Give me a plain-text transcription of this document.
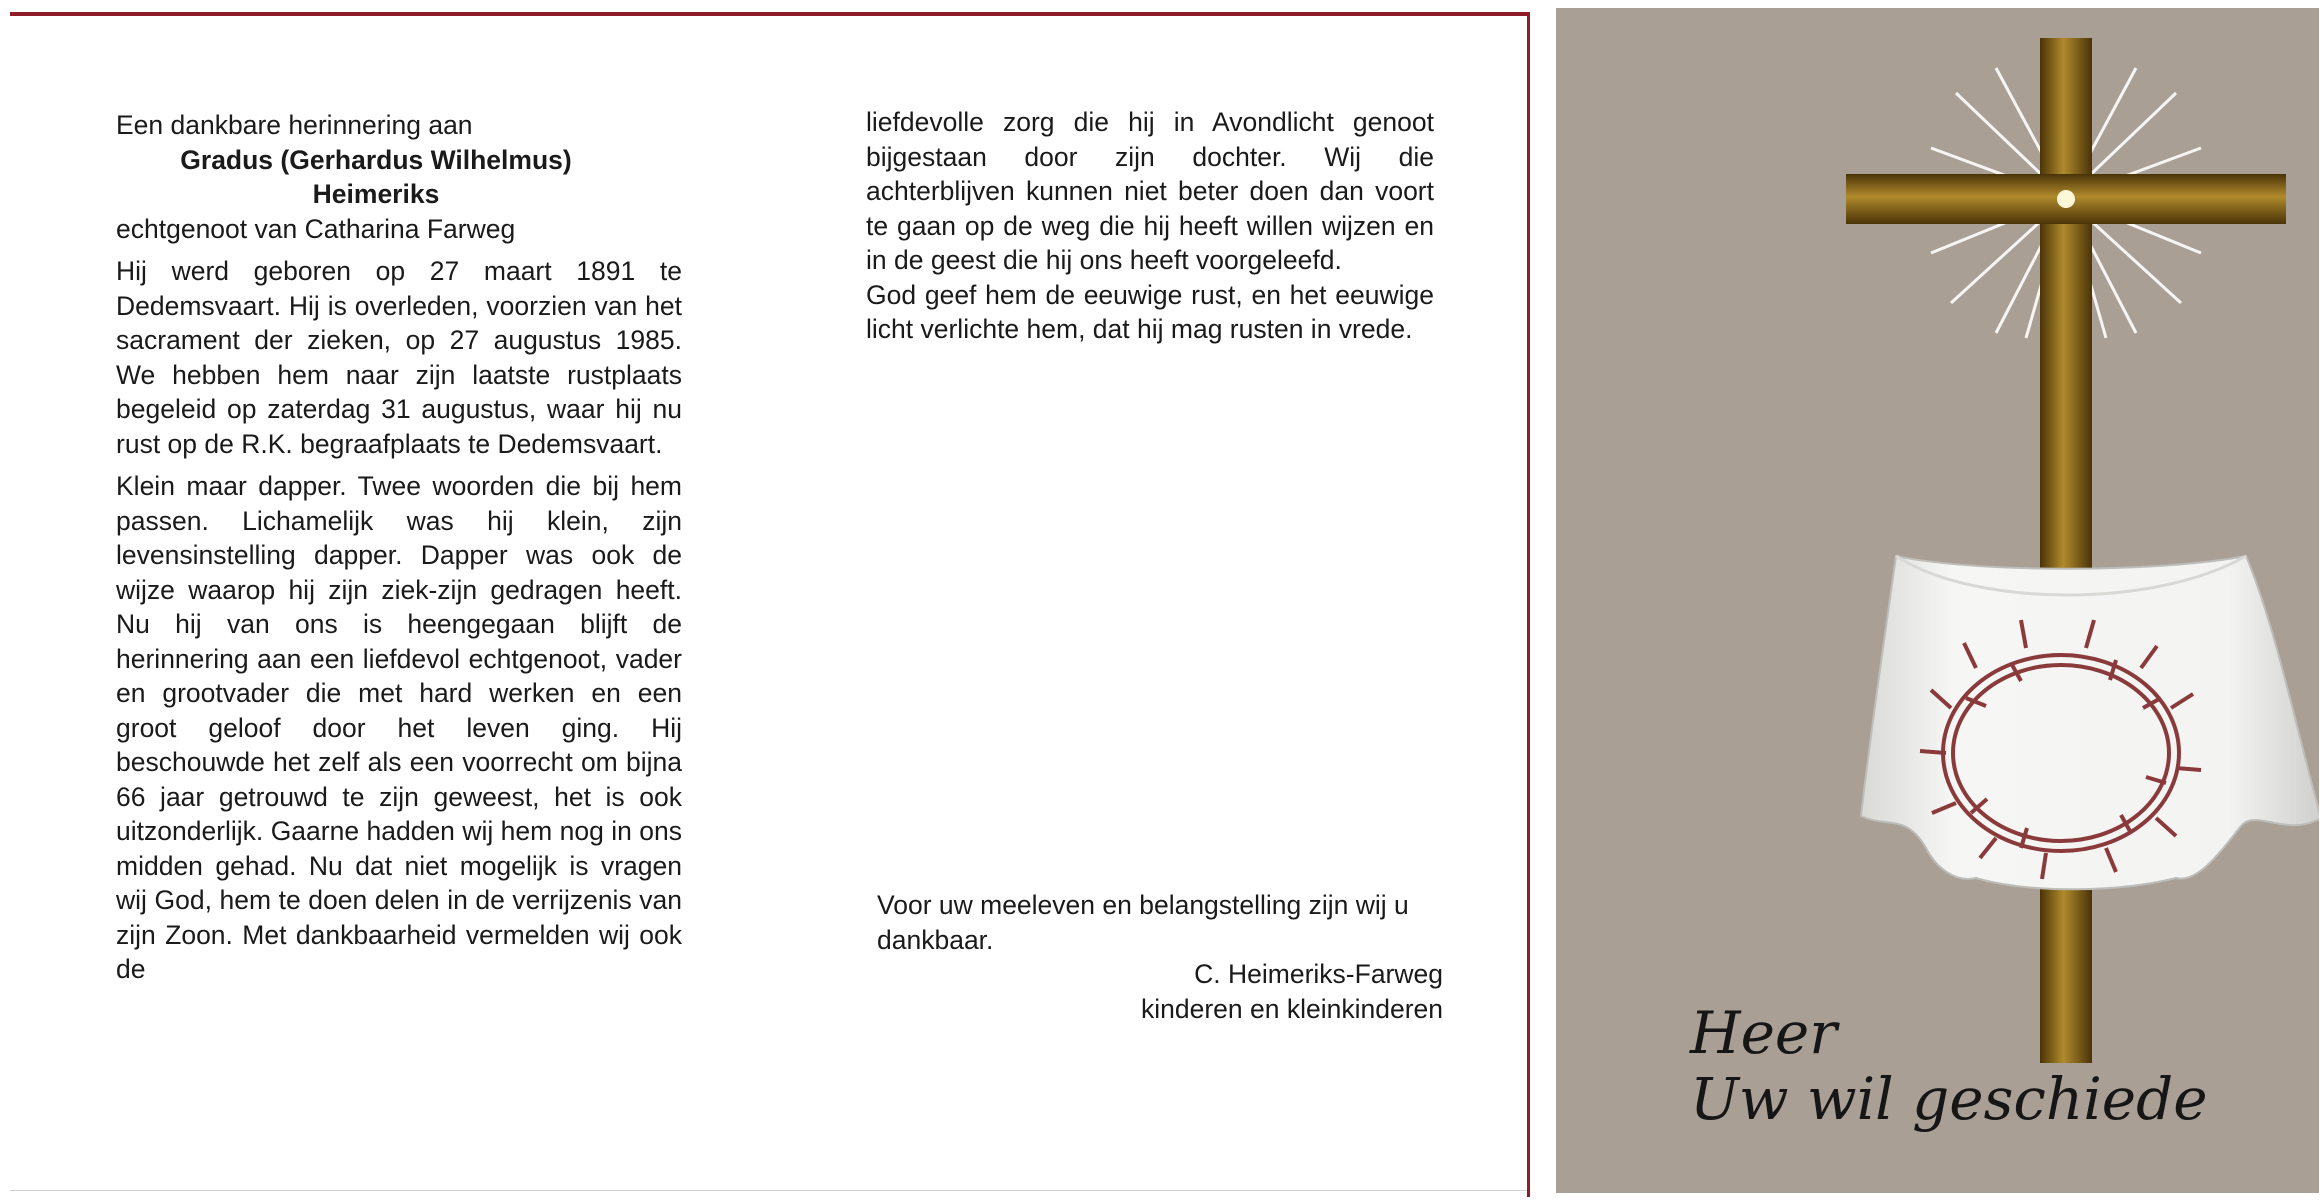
Een dankbare herinnering aan

Gradus (Gerhardus Wilhelmus)

Heimeriks

echtgenoot van Catharina Farweg

Hij werd geboren op 27 maart 1891 te Dedemsvaart. Hij is overleden, voorzien van het sacrament der zieken, op 27 augustus 1985. We hebben hem naar zijn laatste rustplaats begeleid op zaterdag 31 augustus, waar hij nu rust op de R.K. begraafplaats te Dedemsvaart.

Klein maar dapper. Twee woorden die bij hem passen. Lichamelijk was hij klein, zijn levensinstelling dapper. Dapper was ook de wijze waarop hij zijn ziek-zijn gedragen heeft. Nu hij van ons is heengegaan blijft de herinnering aan een liefdevol echtgenoot, vader en grootvader die met hard werken en een groot geloof door het leven ging. Hij beschouwde het zelf als een voorrecht om bijna 66 jaar getrouwd te zijn geweest, het is ook uitzonderlijk. Gaarne hadden wij hem nog in ons midden gehad. Nu dat niet mogelijk is vragen wij God, hem te doen delen in de verrijzenis van zijn Zoon. Met dankbaarheid vermelden wij ook de

liefdevolle zorg die hij in Avondlicht genoot bijgestaan door zijn dochter. Wij die achterblijven kunnen niet beter doen dan voort te gaan op de weg die hij heeft willen wijzen en in de geest die hij ons heeft voorgeleefd.

God geef hem de eeuwige rust, en het eeuwige licht verlichte hem, dat hij mag rusten in vrede.

Voor uw meeleven en belangstelling zijn wij u dankbaar.

C. Heimeriks-Farweg

kinderen en kleinkinderen	Heer
Uw wil geschiede
